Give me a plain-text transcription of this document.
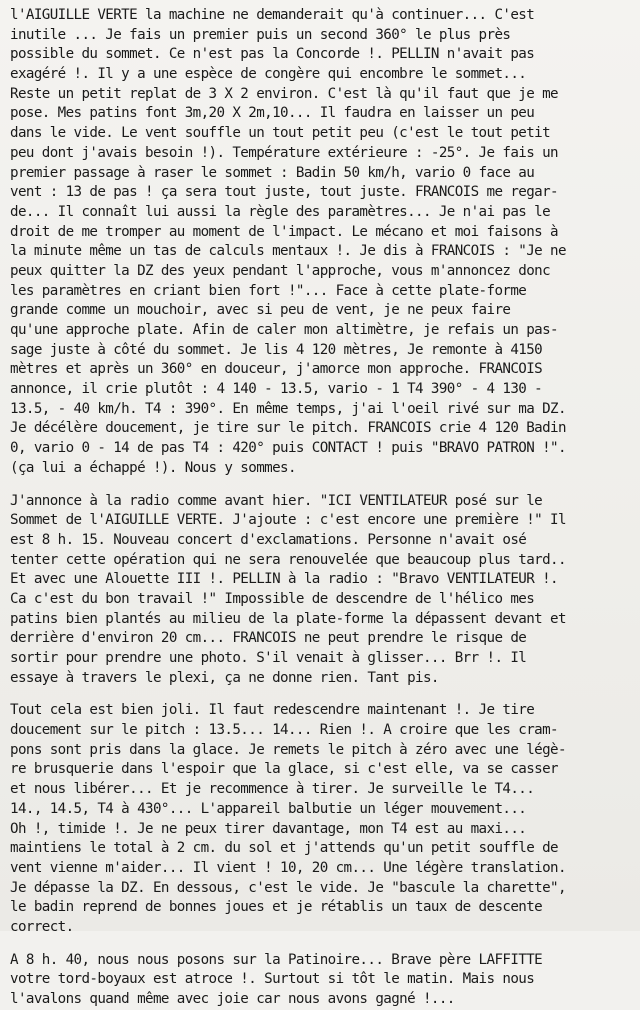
l'AIGUILLE VERTE la machine ne demanderait qu'à continuer... C'est
inutile ... Je fais un premier puis un second 360° le plus près
possible du sommet. Ce n'est pas la Concorde !. PELLIN n'avait pas
exagéré !. Il y a une espèce de congère qui encombre le sommet...
Reste un petit replat de 3 X 2 environ. C'est là qu'il faut que je me
pose. Mes patins font 3m,20 X 2m,10... Il faudra en laisser un peu
dans le vide. Le vent souffle un tout petit peu (c'est le tout petit
peu dont j'avais besoin !). Température extérieure : -25°. Je fais un
premier passage à raser le sommet : Badin 50 km/h, vario 0 face au
vent : 13 de pas ! ça sera tout juste, tout juste. FRANCOIS me regar-
de... Il connaît lui aussi la règle des paramètres... Je n'ai pas le
droit de me tromper au moment de l'impact. Le mécano et moi faisons à
la minute même un tas de calculs mentaux !. Je dis à FRANCOIS : "Je ne
peux quitter la DZ des yeux pendant l'approche, vous m'annoncez donc
les paramètres en criant bien fort !"... Face à cette plate-forme
grande comme un mouchoir, avec si peu de vent, je ne peux faire
qu'une approche plate. Afin de caler mon altimètre, je refais un pas-
sage juste à côté du sommet. Je lis 4 120 mètres, Je remonte à 4150
mètres et après un 360° en douceur, j'amorce mon approche. FRANCOIS
annonce, il crie plutôt : 4 140 - 13.5, vario - 1 T4 390° - 4 130 -
13.5, - 40 km/h. T4 : 390°. En même temps, j'ai l'oeil rivé sur ma DZ.
Je décélère doucement, je tire sur le pitch. FRANCOIS crie 4 120 Badin
0, vario 0 - 14 de pas T4 : 420° puis CONTACT ! puis "BRAVO PATRON !".
(ça lui a échappé !). Nous y sommes.
J'annonce à la radio comme avant hier. "ICI VENTILATEUR posé sur le
Sommet de l'AIGUILLE VERTE. J'ajoute : c'est encore une première !" Il
est 8 h. 15. Nouveau concert d'exclamations. Personne n'avait osé
tenter cette opération qui ne sera renouvelée que beaucoup plus tard..
Et avec une Alouette III !. PELLIN à la radio : "Bravo VENTILATEUR !.
Ca c'est du bon travail !" Impossible de descendre de l'hélico mes
patins bien plantés au milieu de la plate-forme la dépassent devant et
derrière d'environ 20 cm... FRANCOIS ne peut prendre le risque de
sortir pour prendre une photo. S'il venait à glisser... Brr !. Il
essaye à travers le plexi, ça ne donne rien. Tant pis.
Tout cela est bien joli. Il faut redescendre maintenant !. Je tire
doucement sur le pitch : 13.5... 14... Rien !. A croire que les cram-
pons sont pris dans la glace. Je remets le pitch à zéro avec une légè-
re brusquerie dans l'espoir que la glace, si c'est elle, va se casser
et nous libérer... Et je recommence à tirer. Je surveille le T4...
14., 14.5, T4 à 430°... L'appareil balbutie un léger mouvement...
Oh !, timide !. Je ne peux tirer davantage, mon T4 est au maxi...
maintiens le total à 2 cm. du sol et j'attends qu'un petit souffle de
vent vienne m'aider... Il vient ! 10, 20 cm... Une légère translation.
Je dépasse la DZ. En dessous, c'est le vide. Je "bascule la charette",
le badin reprend de bonnes joues et je rétablis un taux de descente
correct.
A 8 h. 40, nous nous posons sur la Patinoire... Brave père LAFFITTE
votre tord-boyaux est atroce !. Surtout si tôt le matin. Mais nous
l'avalons quand même avec joie car nous avons gagné !...
